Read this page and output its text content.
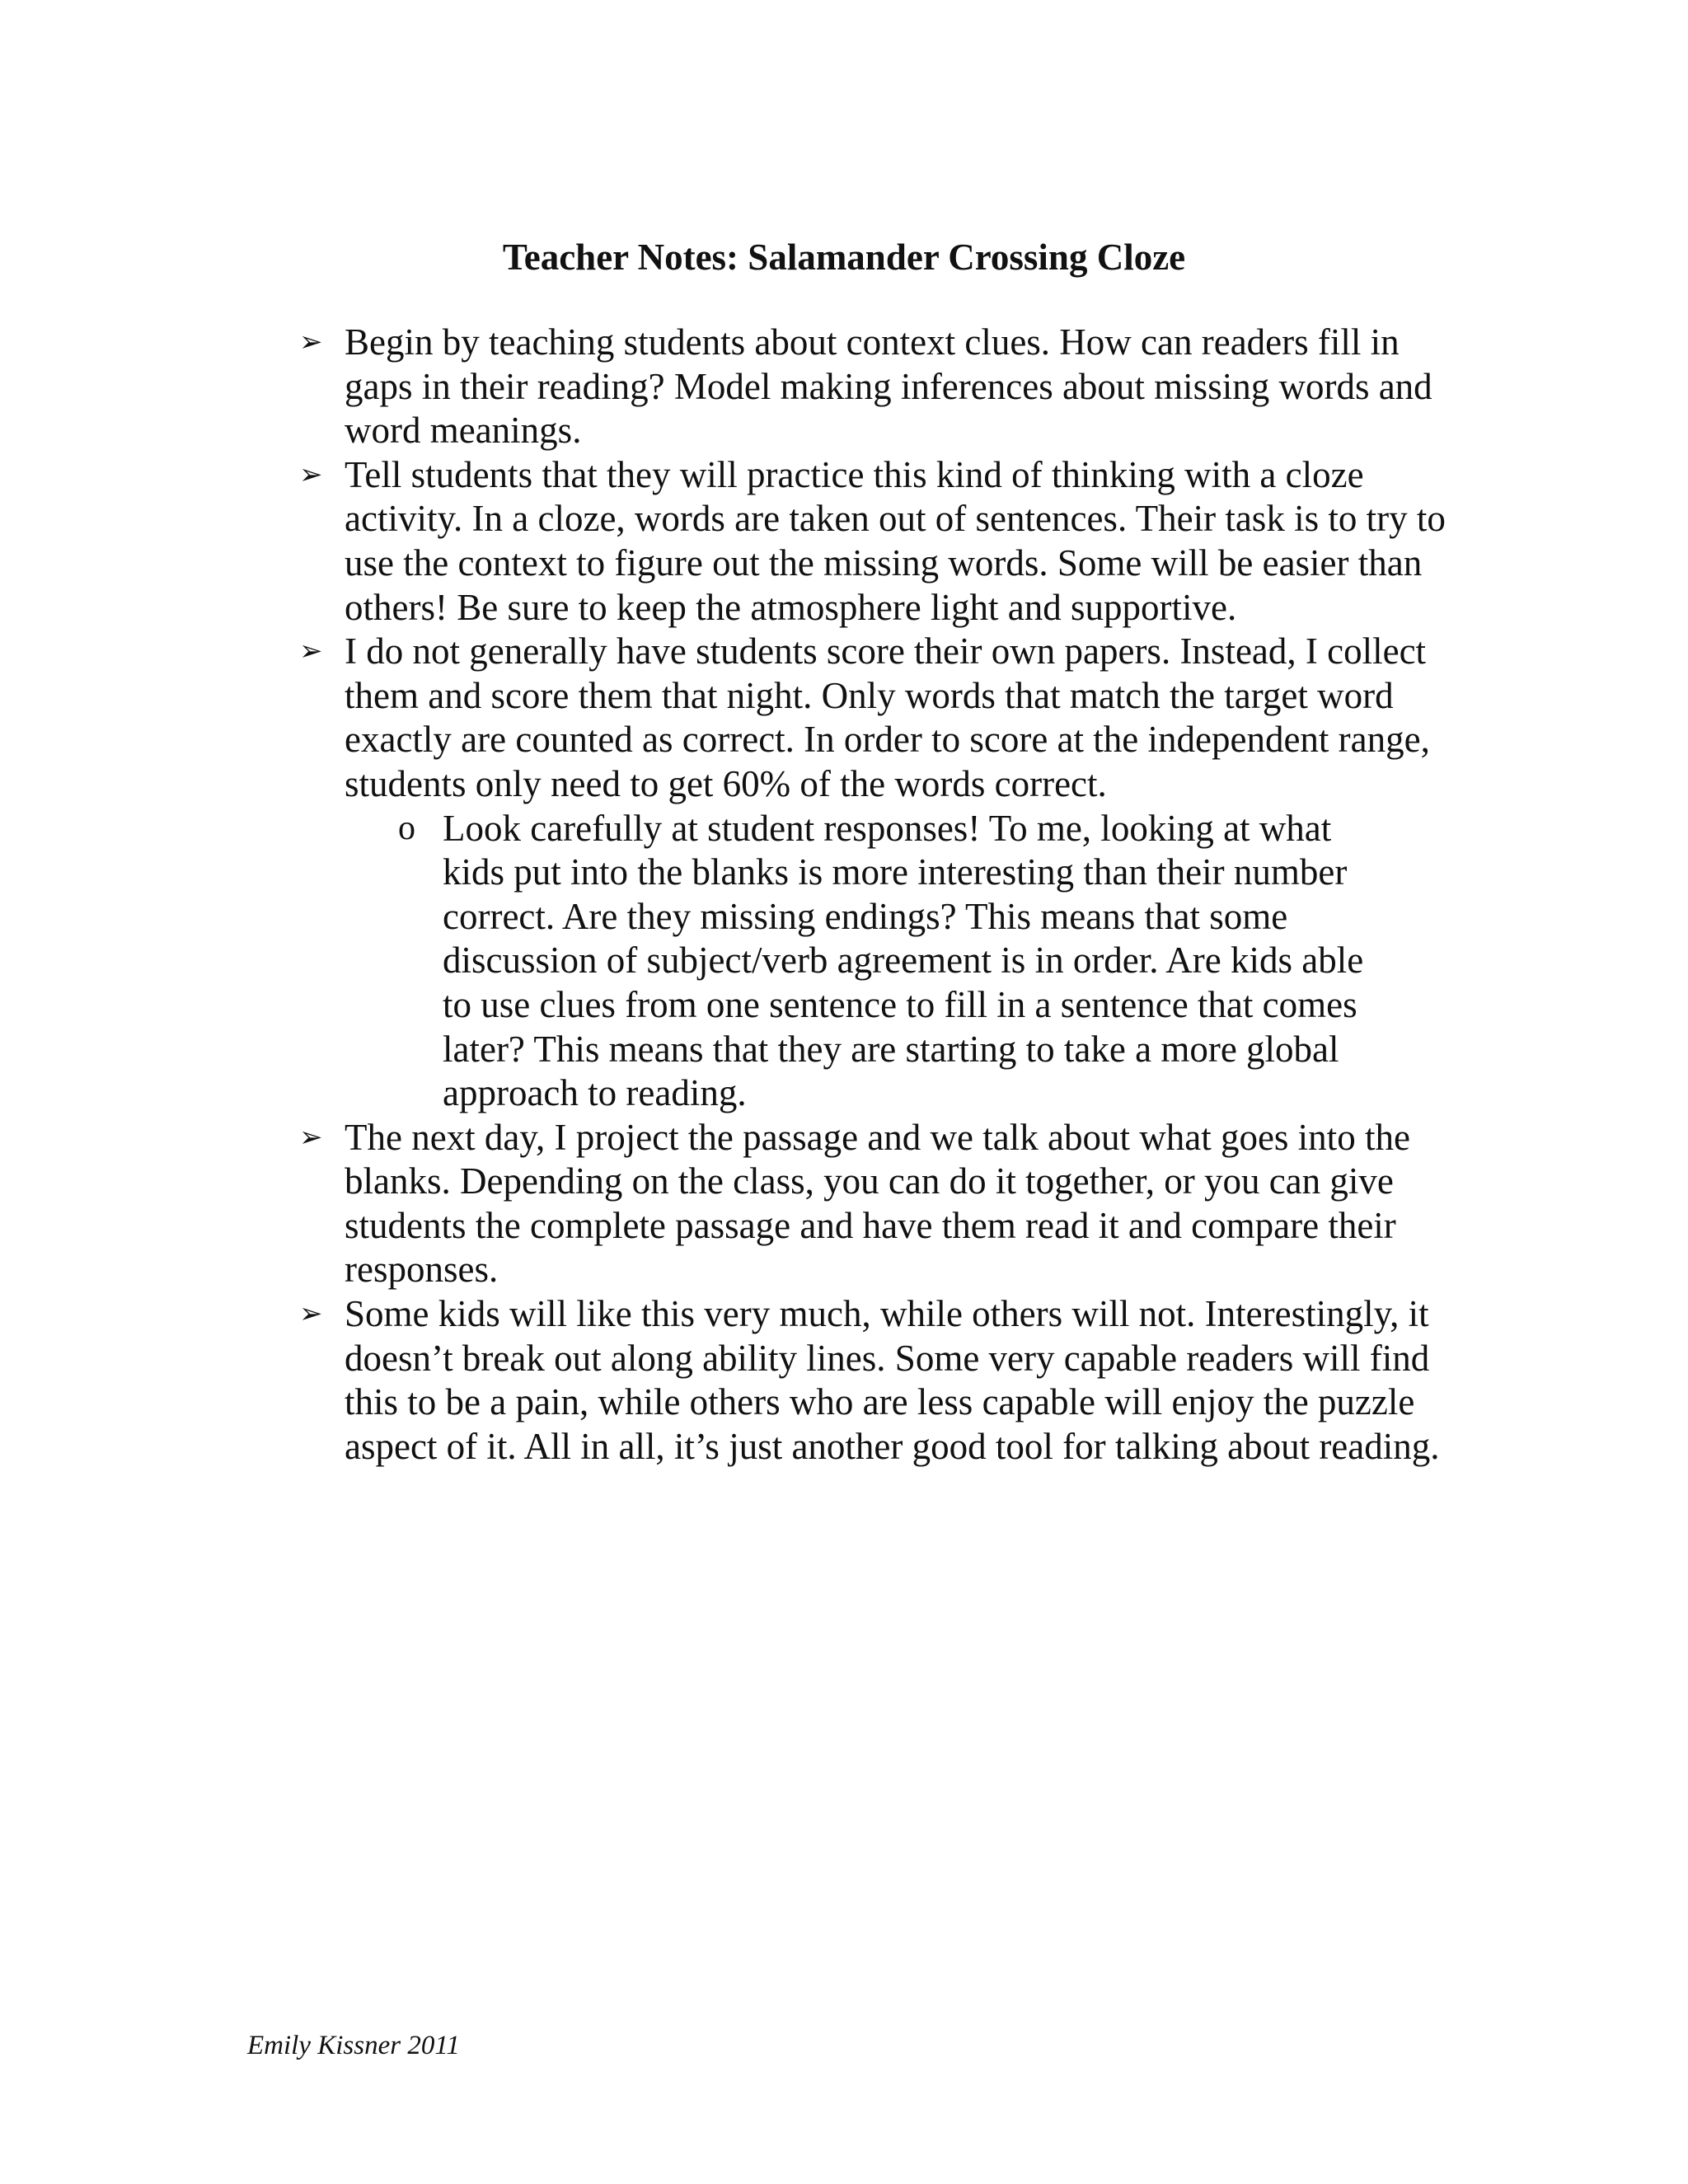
Teacher Notes: Salamander Crossing Cloze
➢ Begin by teaching students about context clues. How can readers fill in gaps in their reading? Model making inferences about missing words and word meanings.
➢ Tell students that they will practice this kind of thinking with a cloze activity. In a cloze, words are taken out of sentences. Their task is to try to use the context to figure out the missing words. Some will be easier than others! Be sure to keep the atmosphere light and supportive.
➢ I do not generally have students score their own papers. Instead, I collect them and score them that night. Only words that match the target word exactly are counted as correct. In order to score at the independent range, students only need to get 60% of the words correct.
o Look carefully at student responses! To me, looking at what kids put into the blanks is more interesting than their number correct. Are they missing endings? This means that some discussion of subject/verb agreement is in order. Are kids able to use clues from one sentence to fill in a sentence that comes later? This means that they are starting to take a more global approach to reading.
➢ The next day, I project the passage and we talk about what goes into the blanks. Depending on the class, you can do it together, or you can give students the complete passage and have them read it and compare their responses.
➢ Some kids will like this very much, while others will not. Interestingly, it doesn’t break out along ability lines. Some very capable readers will find this to be a pain, while others who are less capable will enjoy the puzzle aspect of it. All in all, it’s just another good tool for talking about reading.
Emily Kissner 2011
